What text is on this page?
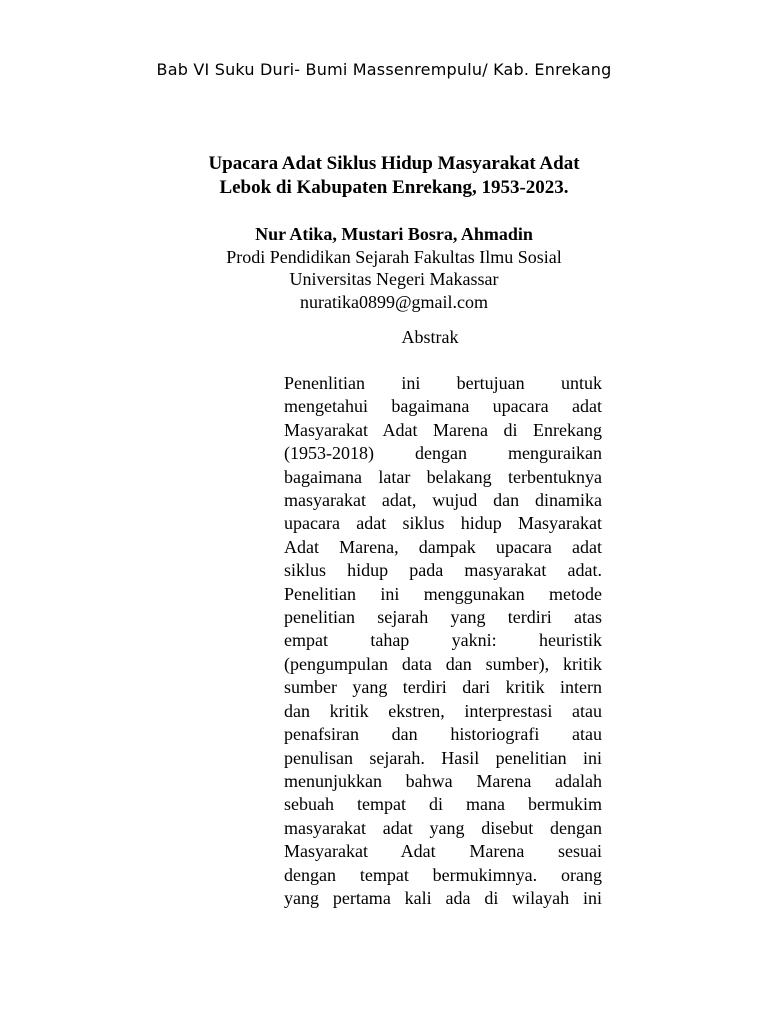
Bab VI Suku Duri- Bumi Massenrempulu/ Kab. Enrekang
Upacara Adat Siklus Hidup Masyarakat Adat
Lebok di Kabupaten Enrekang, 1953-2023.
Nur Atika, Mustari Bosra, Ahmadin
Prodi Pendidikan Sejarah Fakultas Ilmu Sosial
Universitas Negeri Makassar
nuratika0899@gmail.com
Abstrak
Penenlitian ini bertujuan untuk
mengetahui bagaimana upacara adat
Masyarakat Adat Marena di Enrekang
(1953-2018) dengan menguraikan
bagaimana latar belakang terbentuknya
masyarakat adat, wujud dan dinamika
upacara adat siklus hidup Masyarakat
Adat Marena, dampak upacara adat
siklus hidup pada masyarakat adat.
Penelitian ini menggunakan metode
penelitian sejarah yang terdiri atas
empat tahap yakni: heuristik
(pengumpulan data dan sumber), kritik
sumber yang terdiri dari kritik intern
dan kritik ekstren, interprestasi atau
penafsiran dan historiografi atau
penulisan sejarah. Hasil penelitian ini
menunjukkan bahwa Marena adalah
sebuah tempat di mana bermukim
masyarakat adat yang disebut dengan
Masyarakat Adat Marena sesuai
dengan tempat bermukimnya. orang
yang pertama kali ada di wilayah ini
